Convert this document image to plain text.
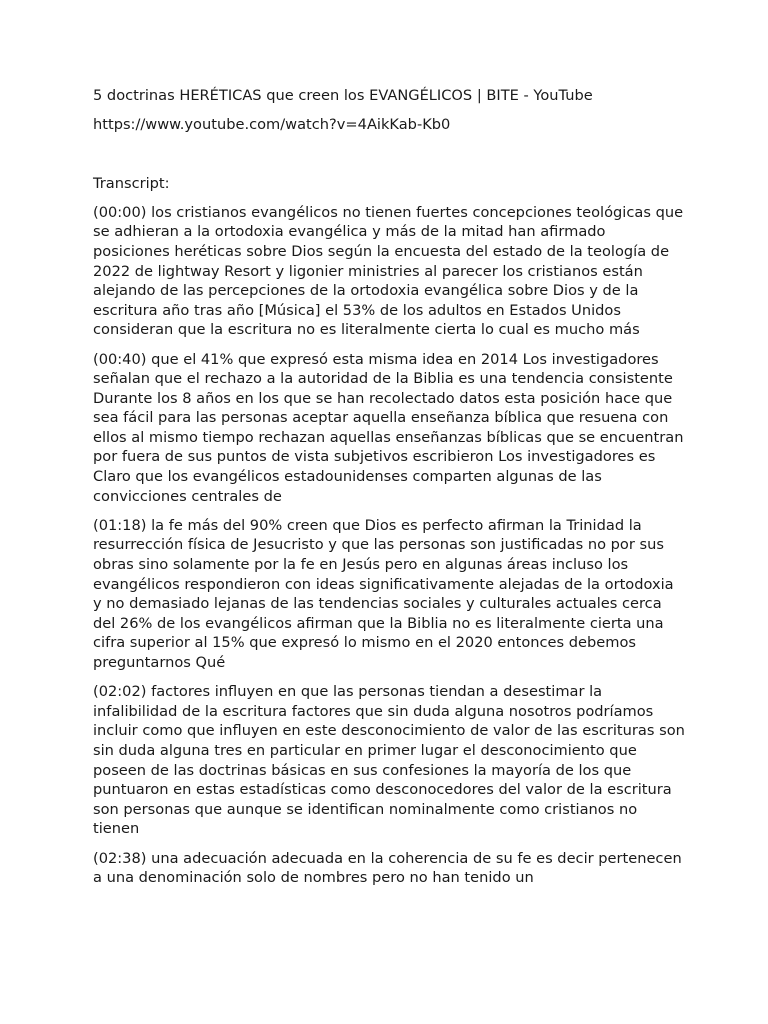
5 doctrinas HERÉTICAS que creen los EVANGÉLICOS | BITE - YouTube
https://www.youtube.com/watch?v=4AikKab-Kb0
Transcript:
(00:00) los cristianos evangélicos no tienen fuertes concepciones teológicas que se adhieran a la ortodoxia evangélica y más de la mitad han afirmado posiciones heréticas sobre Dios según la encuesta del estado de la teología de 2022 de lightway Resort y ligonier ministries al parecer los cristianos están alejando de las percepciones de la ortodoxia evangélica sobre Dios y de la escritura año tras año [Música] el 53% de los adultos en Estados Unidos consideran que la escritura no es literalmente cierta lo cual es mucho más
(00:40) que el 41% que expresó esta misma idea en 2014 Los investigadores señalan que el rechazo a la autoridad de la Biblia es una tendencia consistente Durante los 8 años en los que se han recolectado datos esta posición hace que sea fácil para las personas aceptar aquella enseñanza bíblica que resuena con ellos al mismo tiempo rechazan aquellas enseñanzas bíblicas que se encuentran por fuera de sus puntos de vista subjetivos escribieron Los investigadores es Claro que los evangélicos estadounidenses comparten algunas de las convicciones centrales de
(01:18) la fe más del 90% creen que Dios es perfecto afirman la Trinidad la resurrección física de Jesucristo y que las personas son justificadas no por sus obras sino solamente por la fe en Jesús pero en algunas áreas incluso los evangélicos respondieron con ideas significativamente alejadas de la ortodoxia y no demasiado lejanas de las tendencias sociales y culturales actuales cerca del 26% de los evangélicos afirman que la Biblia no es literalmente cierta una cifra superior al 15% que expresó lo mismo en el 2020 entonces debemos preguntarnos Qué
(02:02) factores influyen en que las personas tiendan a desestimar la infalibilidad de la escritura factores que sin duda alguna nosotros podríamos incluir como que influyen en este desconocimiento de valor de las escrituras son sin duda alguna tres en particular en primer lugar el desconocimiento que poseen de las doctrinas básicas en sus confesiones la mayoría de los que puntuaron en estas estadísticas como desconocedores del valor de la escritura son personas que aunque se identifican nominalmente como cristianos no tienen
(02:38) una adecuación adecuada en la coherencia de su fe es decir pertenecen a una denominación solo de nombres pero no han tenido un
